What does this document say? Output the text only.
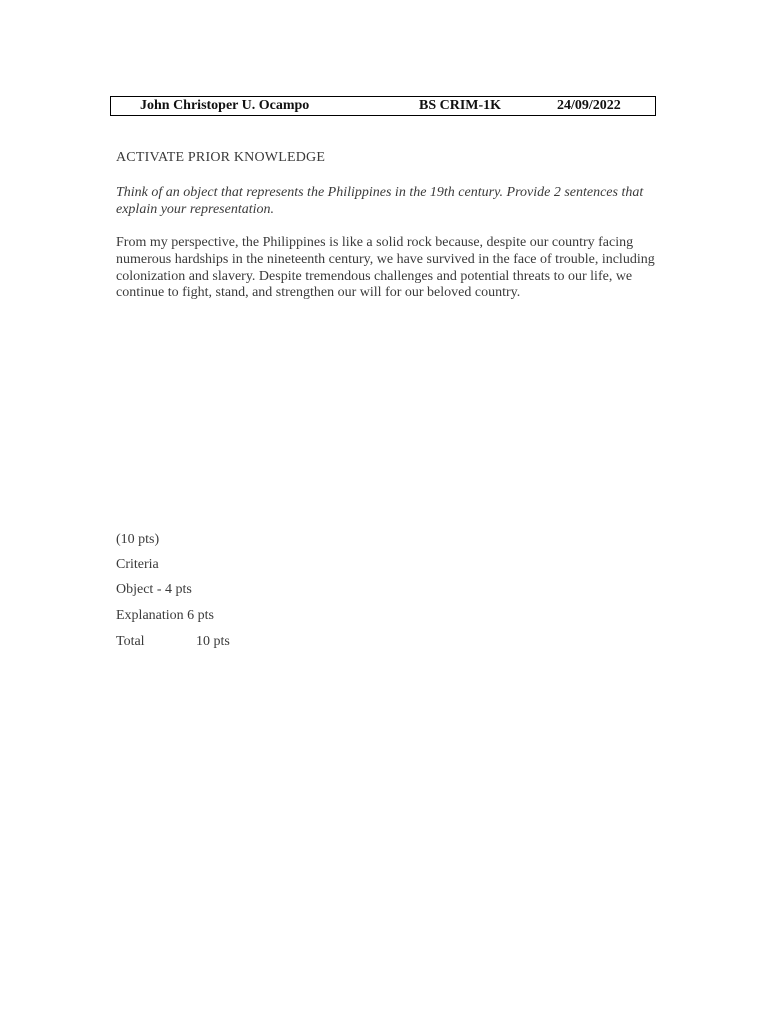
John Christoper U. Ocampo	BS CRIM-1K	24/09/2022
ACTIVATE PRIOR KNOWLEDGE
Think of an object that represents the Philippines in the 19th century. Provide 2 sentences that explain your representation.
From my perspective, the Philippines is like a solid rock because, despite our country facing numerous hardships in the nineteenth century, we have survived in the face of trouble, including colonization and slavery. Despite tremendous challenges and potential threats to our life, we continue to fight, stand, and strengthen our will for our beloved country.
(10 pts)
Criteria
Object - 4 pts
Explanation 6 pts
Total	10 pts
